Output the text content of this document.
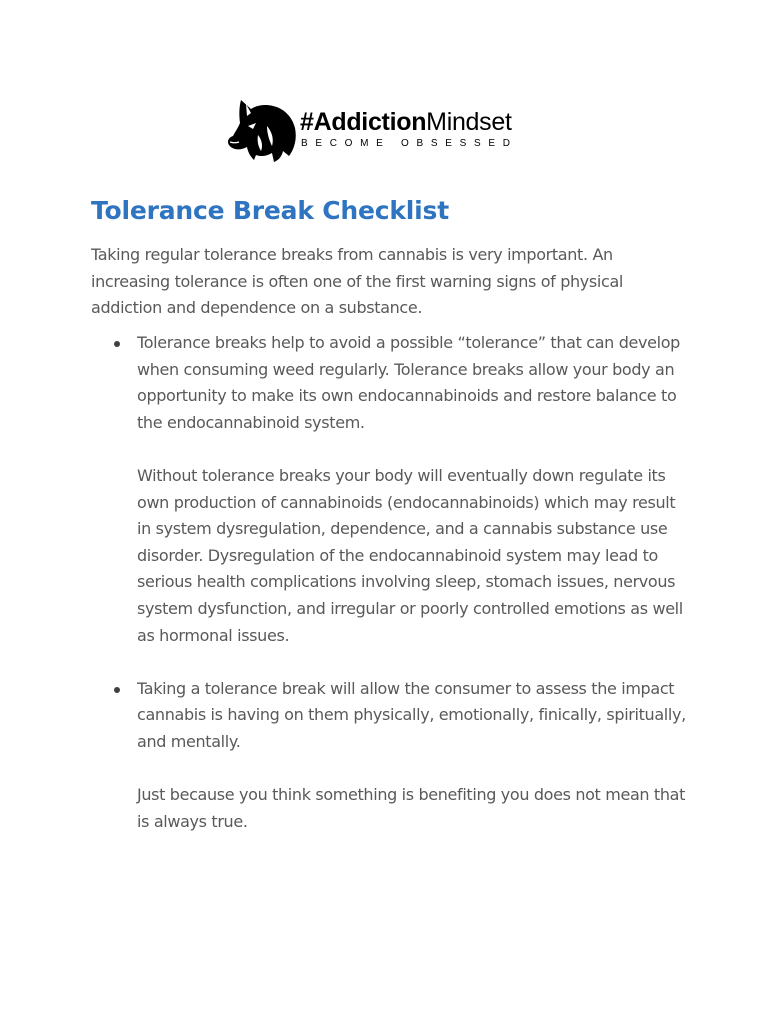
#AddictionMindset
BECOME OBSESSED
Tolerance Break Checklist

Taking regular tolerance breaks from cannabis is very important. An increasing tolerance is often one of the first warning signs of physical addiction and dependence on a substance.

Tolerance breaks help to avoid a possible “tolerance” that can develop when consuming weed regularly. Tolerance breaks allow your body an opportunity to make its own endocannabinoids and restore balance to the endocannabinoid system.

Without tolerance breaks your body will eventually down regulate its own production of cannabinoids (endocannabinoids) which may result in system dysregulation, dependence, and a cannabis substance use disorder. Dysregulation of the endocannabinoid system may lead to serious health complications involving sleep, stomach issues, nervous system dysfunction, and irregular or poorly controlled emotions as well as hormonal issues.

Taking a tolerance break will allow the consumer to assess the impact cannabis is having on them physically, emotionally, finically, spiritually, and mentally.

Just because you think something is benefiting you does not mean that is always true.
